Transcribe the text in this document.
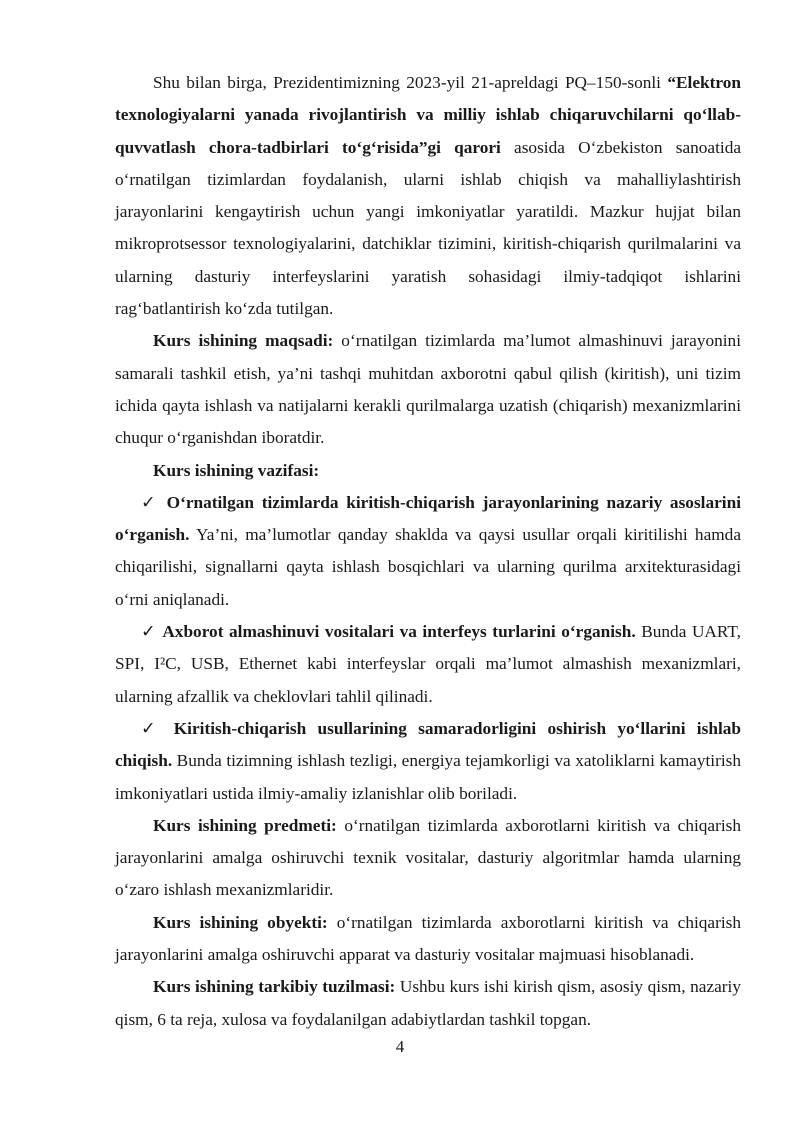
Shu bilan birga, Prezidentimizning 2023-yil 21-apreldagi PQ–150-sonli “Elektron texnologiyalarni yanada rivojlantirish va milliy ishlab chiqaruvchilarni qo‘llab-quvvatlash chora-tadbirlari to‘g‘risida”gi qarori asosida O‘zbekiston sanoatida o‘rnatilgan tizimlardan foydalanish, ularni ishlab chiqish va mahalliylashtirish jarayonlarini kengaytirish uchun yangi imkoniyatlar yaratildi. Mazkur hujjat bilan mikroprotsessor texnologiyalarini, datchiklar tizimini, kiritish-chiqarish qurilmalarini va ularning dasturiy interfeyslarini yaratish sohasidagi ilmiy-tadqiqot ishlarini rag‘batlantirish ko‘zda tutilgan.

Kurs ishining maqsadi: o‘rnatilgan tizimlarda ma’lumot almashinuvi jarayonini samarali tashkil etish, ya’ni tashqi muhitdan axborotni qabul qilish (kiritish), uni tizim ichida qayta ishlash va natijalarni kerakli qurilmalarga uzatish (chiqarish) mexanizmlarini chuqur o‘rganishdan iboratdir.

Kurs ishining vazifasi:

✓ O‘rnatilgan tizimlarda kiritish-chiqarish jarayonlarining nazariy asoslarini o‘rganish. Ya’ni, ma’lumotlar qanday shaklda va qaysi usullar orqali kiritilishi hamda chiqarilishi, signallarni qayta ishlash bosqichlari va ularning qurilma arxitekturasidagi o‘rni aniqlanadi.

✓ Axborot almashinuvi vositalari va interfeys turlarini o‘rganish. Bunda UART, SPI, I²C, USB, Ethernet kabi interfeyslar orqali ma’lumot almashish mexanizmlari, ularning afzallik va cheklovlari tahlil qilinadi.

✓ Kiritish-chiqarish usullarining samaradorligini oshirish yo‘llarini ishlab chiqish. Bunda tizimning ishlash tezligi, energiya tejamkorligi va xatoliklarni kamaytirish imkoniyatlari ustida ilmiy-amaliy izlanishlar olib boriladi.

Kurs ishining predmeti: o‘rnatilgan tizimlarda axborotlarni kiritish va chiqarish jarayonlarini amalga oshiruvchi texnik vositalar, dasturiy algoritmlar hamda ularning o‘zaro ishlash mexanizmlaridir.

Kurs ishining obyekti: o‘rnatilgan tizimlarda axborotlarni kiritish va chiqarish jarayonlarini amalga oshiruvchi apparat va dasturiy vositalar majmuasi hisoblanadi.

Kurs ishining tarkibiy tuzilmasi: Ushbu kurs ishi kirish qism, asosiy qism, nazariy qism, 6 ta reja, xulosa va foydalanilgan adabiytlardan tashkil topgan.

4
